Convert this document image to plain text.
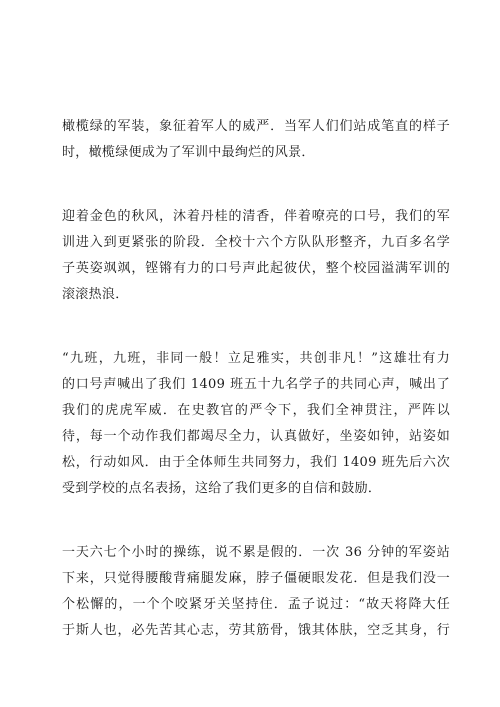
橄榄绿的军装，象征着军人的威严．当军人们们站成笔直的样子
时，橄榄绿便成为了军训中最绚烂的风景．

迎着金色的秋风，沐着丹桂的清香，伴着嘹亮的口号，我们的军
训进入到更紧张的阶段．全校十六个方队队形整齐，九百多名学
子英姿飒飒，铿锵有力的口号声此起彼伏，整个校园溢满军训的
滚滚热浪．

“九班，九班，非同一般！立足雅实，共创非凡！”这雄壮有力
的口号声喊出了我们 1409 班五十九名学子的共同心声，喊出了
我们的虎虎军威．在史教官的严令下，我们全神贯注，严阵以
待，每一个动作我们都竭尽全力，认真做好，坐姿如钟，站姿如
松，行动如风．由于全体师生共同努力，我们 1409 班先后六次
受到学校的点名表扬，这给了我们更多的自信和鼓励．

一天六七个小时的操练，说不累是假的．一次 36 分钟的军姿站
下来，只觉得腰酸背痛腿发麻，脖子僵硬眼发花．但是我们没一
个松懈的，一个个咬紧牙关坚持住．孟子说过：“故天将降大任
于斯人也，必先苦其心志，劳其筋骨，饿其体肤，空乏其身，行
